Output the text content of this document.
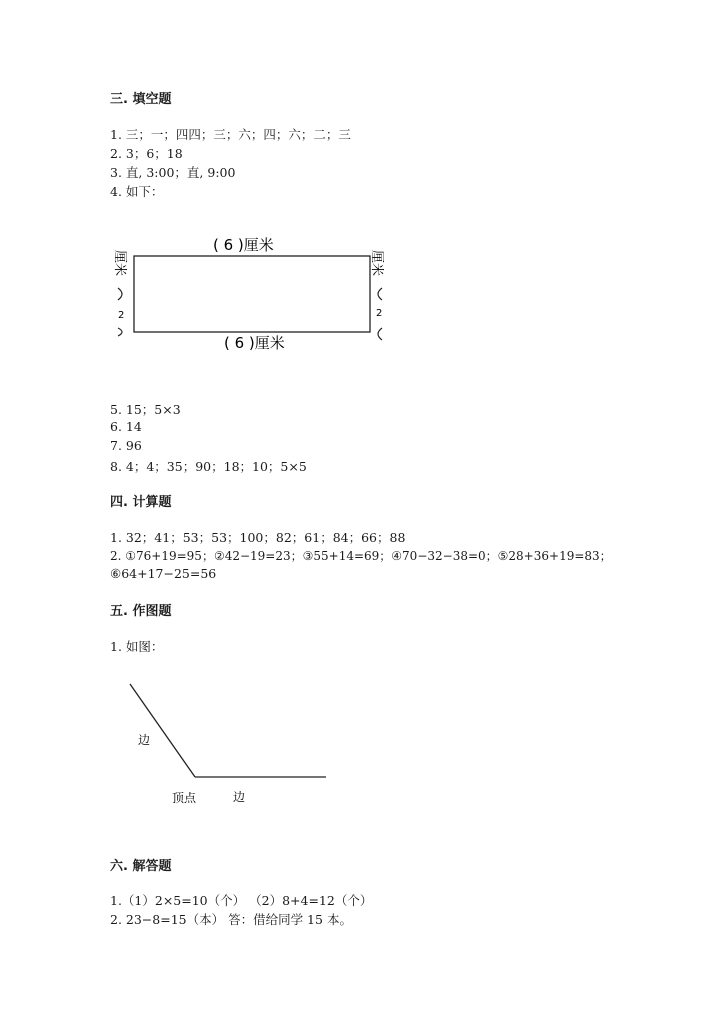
三. 填空题
1. 三；一；四四；三；六；四；六；二；三
2. 3；6；18
3. 直, 3:00；直, 9:00
4. 如下：
( 6 )厘米
( 6 )厘米
厘米
2
厘米
2
5. 15；5×3
6. 14
7. 96
8. 4；4；35；90；18；10；5×5
四. 计算题
1. 32；41；53；53；100；82；61；84；66；88
2. ①76+19=95；②42−19=23；③55+14=69；④70−32−38=0；⑤28+36+19=83；
⑥64+17−25=56
五. 作图题
1. 如图：
边
顶点	边
六. 解答题
1.（1）2×5=10（个） （2）8+4=12（个）
2. 23−8=15（本） 答：借给同学 15 本。
